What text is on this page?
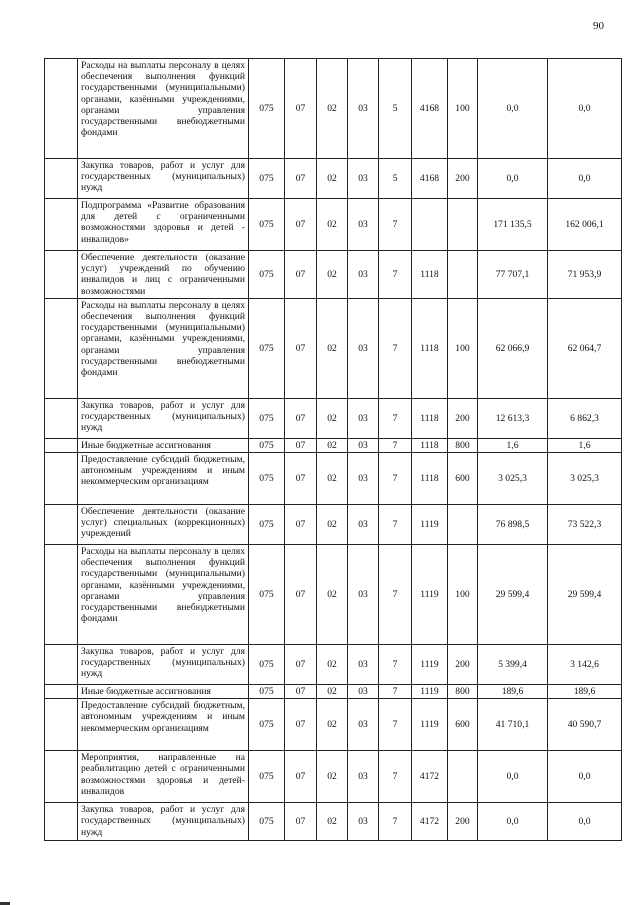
90
	Расходы на выплаты персоналу в целях обеспечения выполнения функций государственными (муниципальными) органами, казёнными учреждениями, органами управления государственными внебюджетными фондами	075	07	02	03	5	4168	100	0,0	0,0
	Закупка товаров, работ и услуг для государственных (муниципальных) нужд	075	07	02	03	5	4168	200	0,0	0,0
	Подпрограмма «Развитие образования для детей с ограниченными возможностями здоровья и детей - инвалидов»	075	07	02	03	7			171 135,5	162 006,1
	Обеспечение деятельности (оказание услуг) учреждений по обучению инвалидов и лиц с ограниченными возможностями	075	07	02	03	7	1118		77 707,1	71 953,9
	Расходы на выплаты персоналу в целях обеспечения выполнения функций государственными (муниципальными) органами, казёнными учреждениями, органами управления государственными внебюджетными фондами	075	07	02	03	7	1118	100	62 066,9	62 064,7
	Закупка товаров, работ и услуг для государственных (муниципальных) нужд	075	07	02	03	7	1118	200	12 613,3	6 862,3
	Иные бюджетные ассигнования	075	07	02	03	7	1118	800	1,6	1,6
	Предоставление субсидий бюджетным, автономным учреждениям и иным некоммерческим организациям	075	07	02	03	7	1118	600	3 025,3	3 025,3
	Обеспечение деятельности (оказание услуг) специальных (коррекционных) учреждений	075	07	02	03	7	1119		76 898,5	73 522,3
	Расходы на выплаты персоналу в целях обеспечения выполнения функций государственными (муниципальными) органами, казёнными учреждениями, органами управления государственными внебюджетными фондами	075	07	02	03	7	1119	100	29 599,4	29 599,4
	Закупка товаров, работ и услуг для государственных (муниципальных) нужд	075	07	02	03	7	1119	200	5 399,4	3 142,6
	Иные бюджетные ассигнования	075	07	02	03	7	1119	800	189,6	189,6
	Предоставление субсидий бюджетным, автономным учреждениям и иным некоммерческим организациям	075	07	02	03	7	1119	600	41 710,1	40 590,7
	Мероприятия, направленные на реабилитацию детей с ограниченными возможностями здоровья и детей-инвалидов	075	07	02	03	7	4172		0,0	0,0
	Закупка товаров, работ и услуг для государственных (муниципальных) нужд	075	07	02	03	7	4172	200	0,0	0,0
